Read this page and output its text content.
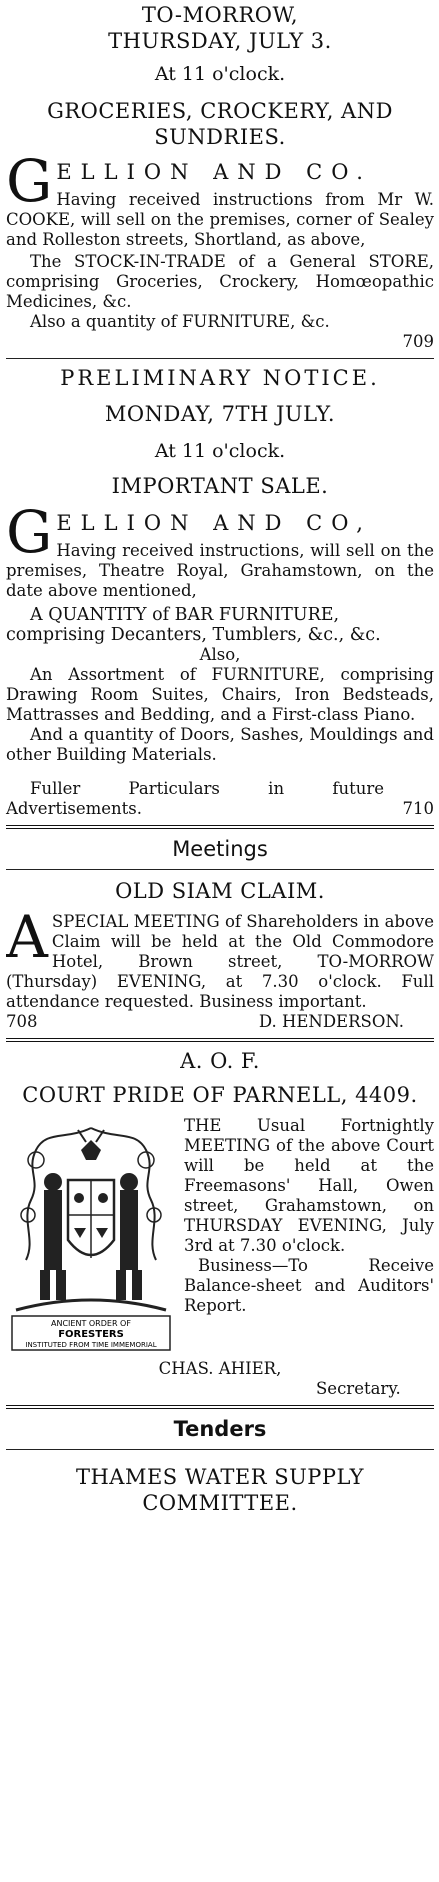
TO-MORROW,
THURSDAY, JULY 3.
At 11 o'clock.
GROCERIES, CROCKERY, AND SUNDRIES.
G ELLION AND CO.
Having received instructions from Mr W. COOKE, will sell on the premises, corner of Sealey and Rolleston streets, Shortland, as above,
The STOCK-IN-TRADE of a General STORE, comprising Groceries, Crockery, Homœopathic Medicines, &c.
Also a quantity of FURNITURE, &c.
709
PRELIMINARY NOTICE.
MONDAY, 7TH JULY.
At 11 o'clock.
IMPORTANT SALE.
G ELLION AND CO,
Having received instructions, will sell on the premises, Theatre Royal, Grahamstown, on the date above mentioned,
A QUANTITY of BAR FURNITURE, comprising Decanters, Tumblers, &c., &c.
Also,
An Assortment of FURNITURE, comprising Drawing Room Suites, Chairs, Iron Bedsteads, Mattrasses and Bedding, and a First-class Piano.
And a quantity of Doors, Sashes, Mouldings and other Building Materials.
Fuller Particulars in future Advertisements.	710
Meetings
OLD SIAM CLAIM.
A SPECIAL MEETING of Shareholders in above Claim will be held at the Old Commodore Hotel, Brown street, TO-MORROW (Thursday) EVENING, at 7.30 o'clock. Full attendance requested. Business important.
708	D. HENDERSON.
A. O. F.
COURT PRIDE OF PARNELL, 4409.
ANCIENT ORDER OF
FORESTERS
INSTITUTED FROM TIME IMMEMORIAL
THE Usual Fortnightly MEETING of the above Court will be held at the Freemasons' Hall, Owen street, Grahamstown, on THURSDAY EVENING, July 3rd at 7.30 o'clock.
Business—To Receive Balance-sheet and Auditors' Report.
CHAS. AHIER,
Secretary.
Tenders
THAMES WATER SUPPLY COMMITTEE.
